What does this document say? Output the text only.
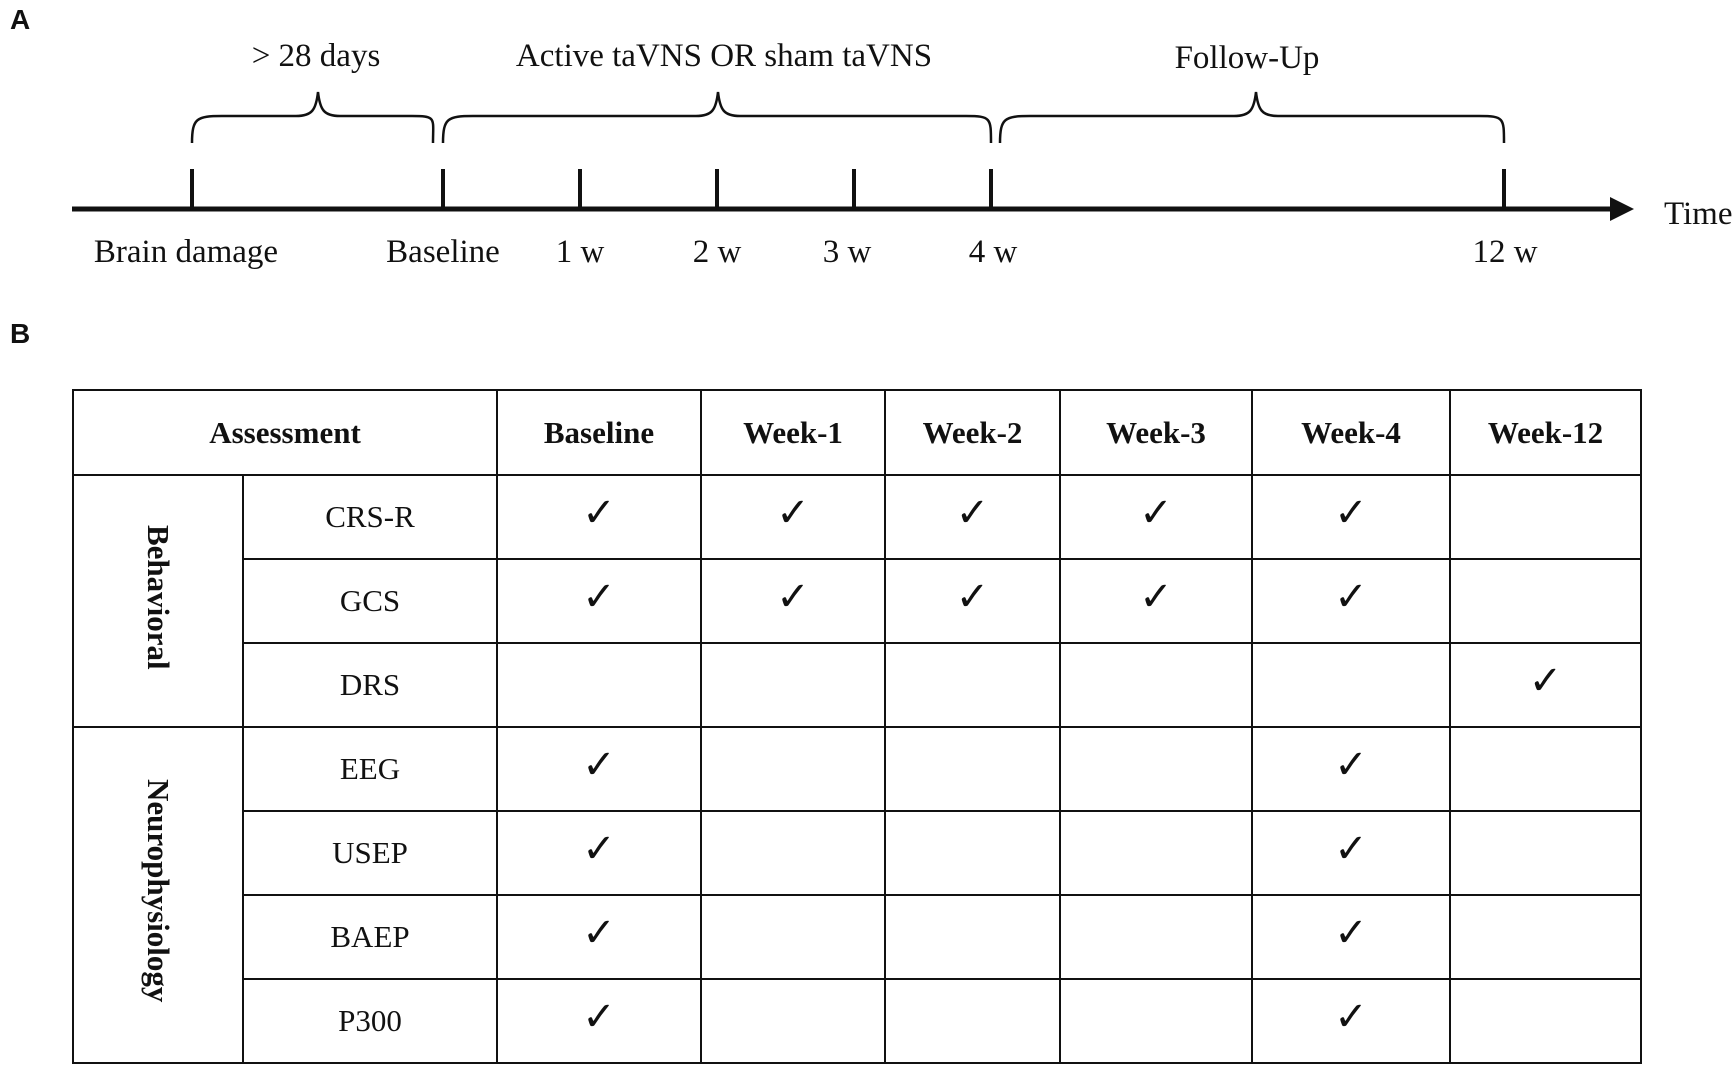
A
B
Time
Brain damage	Baseline 1 w	2 w 3 w	4 w	12 w
> 28 days	Active taVNS OR sham taVNS	Follow-Up
Assessment		Baseline	Week-1	Week-2	Week-3	Week-4	Week-12
Behavioral	CRS-R	✓	✓	✓	✓	✓	
	GCS	✓	✓	✓	✓	✓	
	DRS						✓
Neurophysiology	EEG	✓				✓	
	USEP	✓				✓	
	BAEP	✓				✓	
	P300	✓				✓	
